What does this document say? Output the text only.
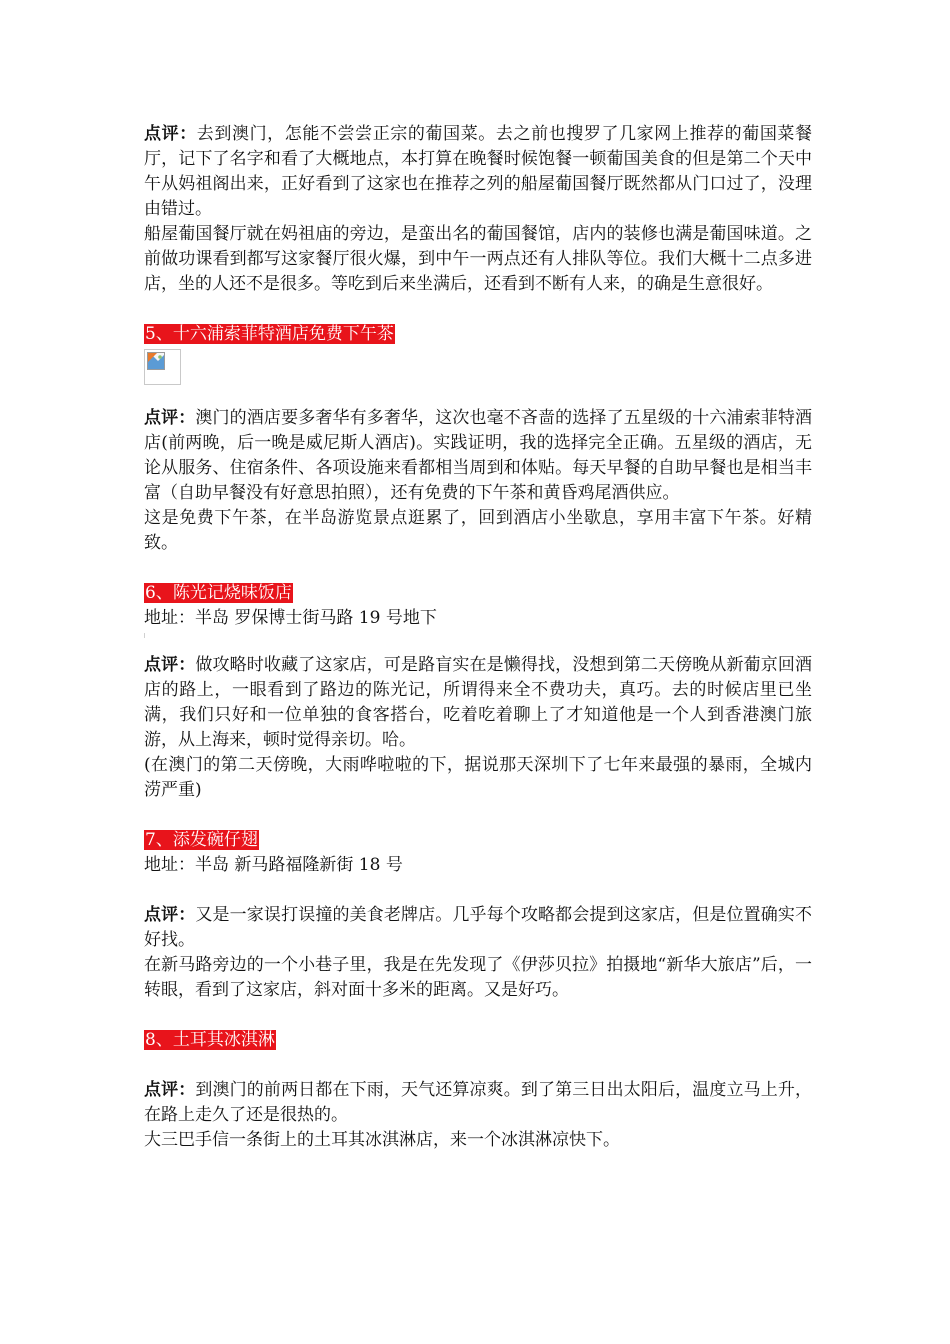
点评：去到澳门，怎能不尝尝正宗的葡国菜。去之前也搜罗了几家网上推荐的葡国菜餐厅，记下了名字和看了大概地点，本打算在晚餐时候饱餐一顿葡国美食的但是第二个天中午从妈祖阁出来，正好看到了这家也在推荐之列的船屋葡国餐厅既然都从门口过了，没理由错过。

船屋葡国餐厅就在妈祖庙的旁边，是蛮出名的葡国餐馆，店内的装修也满是葡国味道。之前做功课看到都写这家餐厅很火爆，到中午一两点还有人排队等位。我们大概十二点多进店，坐的人还不是很多。等吃到后来坐满后，还看到不断有人来，的确是生意很好。

5、十六浦索菲特酒店免费下午茶

点评：澳门的酒店要多奢华有多奢华，这次也毫不吝啬的选择了五星级的十六浦索菲特酒店(前两晚，后一晚是威尼斯人酒店)。实践证明，我的选择完全正确。五星级的酒店，无论从服务、住宿条件、各项设施来看都相当周到和体贴。每天早餐的自助早餐也是相当丰富（自助早餐没有好意思拍照），还有免费的下午茶和黄昏鸡尾酒供应。

这是免费下午茶，在半岛游览景点逛累了，回到酒店小坐歇息，享用丰富下午茶。好精致。

6、陈光记烧味饭店

地址：半岛 罗保博士街马路 19 号地下

点评：做攻略时收藏了这家店，可是路盲实在是懒得找，没想到第二天傍晚从新葡京回酒店的路上，一眼看到了路边的陈光记，所谓得来全不费功夫，真巧。去的时候店里已坐满，我们只好和一位单独的食客搭台，吃着吃着聊上了才知道他是一个人到香港澳门旅游，从上海来，顿时觉得亲切。哈。

(在澳门的第二天傍晚，大雨哗啦啦的下，据说那天深圳下了七年来最强的暴雨，全城内涝严重)

7、添发碗仔翅

地址：半岛 新马路福隆新街 18 号

点评：又是一家误打误撞的美食老牌店。几乎每个攻略都会提到这家店，但是位置确实不好找。

在新马路旁边的一个小巷子里，我是在先发现了《伊莎贝拉》拍摄地“新华大旅店”后，一转眼，看到了这家店，斜对面十多米的距离。又是好巧。

8、土耳其冰淇淋

点评：到澳门的前两日都在下雨，天气还算凉爽。到了第三日出太阳后，温度立马上升，在路上走久了还是很热的。

大三巴手信一条街上的土耳其冰淇淋店，来一个冰淇淋凉快下。
